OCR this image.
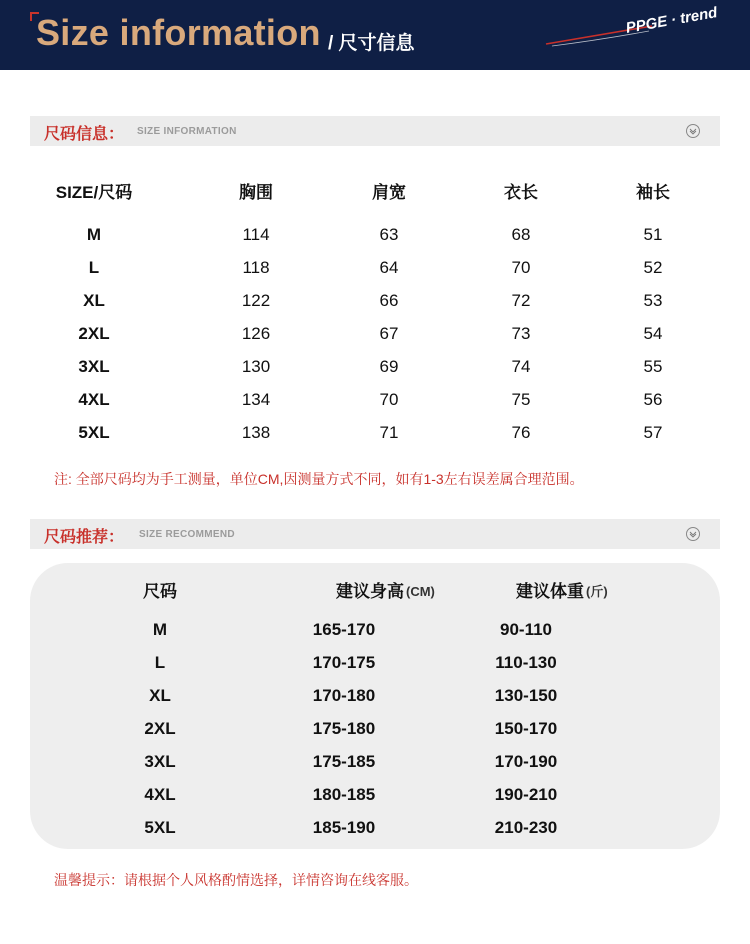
Size information / 尺寸信息
PPGE · trend
尺码信息： SIZE INFORMATION
SIZE/尺码	胸围	肩宽	衣长	袖长
M	114	63	68	51
L	118	64	70	52
XL	122	66	72	53
2XL	126	67	73	54
3XL	130	69	74	55
4XL	134	70	75	56
5XL	138	71	76	57
注: 全部尺码均为手工测量，单位CM,因测量方式不同，如有1-3左右误差属合理范围。
尺码推荐： SIZE RECOMMEND
尺码	建议身高 (CM)	建议体重 (斤)
M	165-170	90-110
L	170-175	110-130
XL	170-180	130-150
2XL	175-180	150-170
3XL	175-185	170-190
4XL	180-185	190-210
5XL	185-190	210-230
温馨提示：请根据个人风格酌情选择，详情咨询在线客服。
